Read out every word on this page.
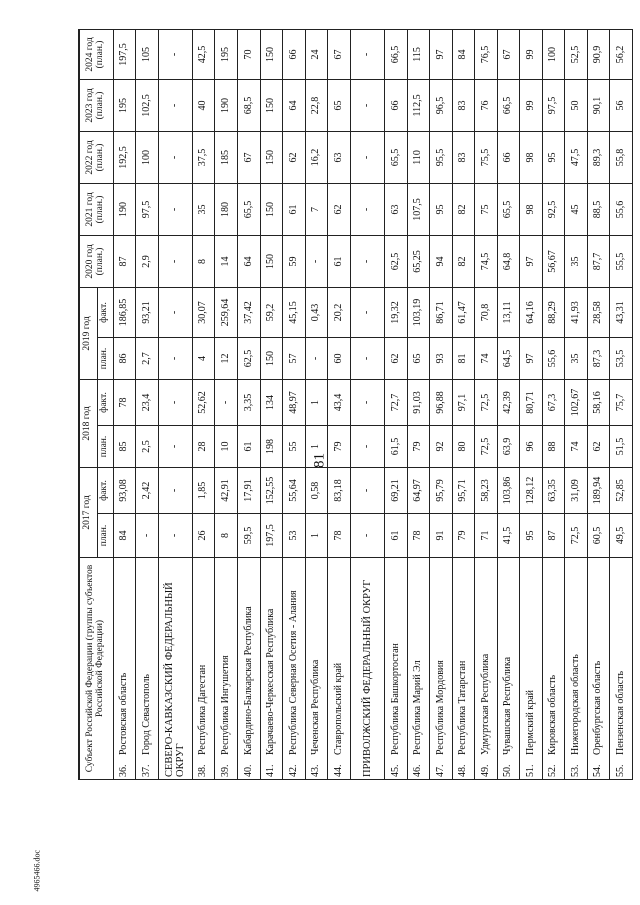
81
4965466.doc
Субъект Российской Федерации (группы субъектов Российской Федерации)	2017 год		2018 год		2019 год		2020 год (план.)	2021 год (план.)	2022 год (план.)	2023 год (план.)	2024 год (план.)
	план.	факт.	план.	факт.	план.	факт.					
36.Ростовская область	84	93,08	85	78	86	186,85	87	190	192,5	195	197,5
37.Город Севастополь	-	2,42	2,5	23,4	2,7	93,21	2,9	97,5	100	102,5	105
СЕВЕРО-КАВКАЗСКИЙ ФЕДЕРАЛЬНЫЙ ОКРУГ	-	-	-	-	-	-	-	-	-	-	-
38.Республика Дагестан	26	1,85	28	52,62	4	30,07	8	35	37,5	40	42,5
39.Республика Ингушетия	8	42,91	10	-	12	259,64	14	180	185	190	195
40.Кабардино-Балкарская Республика	59,5	17,91	61	3,35	62,5	37,42	64	65,5	67	68,5	70
41.Карачаево-Черкесская Республика	197,5	152,55	198	134	150	59,2	150	150	150	150	150
42.Республика Северная Осетия - Алания	53	55,64	55	48,97	57	45,15	59	61	62	64	66
43.Чеченская Республика	1	0,58	1	1	-	0,43	-	7	16,2	22,8	24
44.Ставропольский край	78	83,18	79	43,4	60	20,2	61	62	63	65	67
ПРИВОЛЖСКИЙ ФЕДЕРАЛЬНЫЙ ОКРУГ	-	-	-	-	-	-	-	-	-	-	-
45.Республика Башкортостан	61	69,21	61,5	72,7	62	19,32	62,5	63	65,5	66	66,5
46.Республика Марий Эл	78	64,97	79	91,03	65	103,19	65,25	107,5	110	112,5	115
47.Республика Мордовия	91	95,79	92	96,88	93	86,71	94	95	95,5	96,5	97
48.Республика Татарстан	79	95,71	80	97,1	81	61,47	82	82	83	83	84
49.Удмуртская Республика	71	58,23	72,5	72,5	74	70,8	74,5	75	75,5	76	76,5
50.Чувашская Республика	41,5	103,86	63,9	42,39	64,5	13,11	64,8	65,5	66	66,5	67
51.Пермский край	95	128,12	96	80,71	97	64,16	97	98	98	99	99
52.Кировская область	87	63,35	88	67,3	55,6	88,29	56,67	92,5	95	97,5	100
53.Нижегородская область	72,5	31,09	74	102,67	35	41,93	35	45	47,5	50	52,5
54.Оренбургская область	60,5	189,94	62	58,16	87,3	28,58	87,7	88,5	89,3	90,1	90,9
55.Пензенская область	49,5	52,85	51,5	75,7	53,5	43,31	55,5	55,6	55,8	56	56,2
